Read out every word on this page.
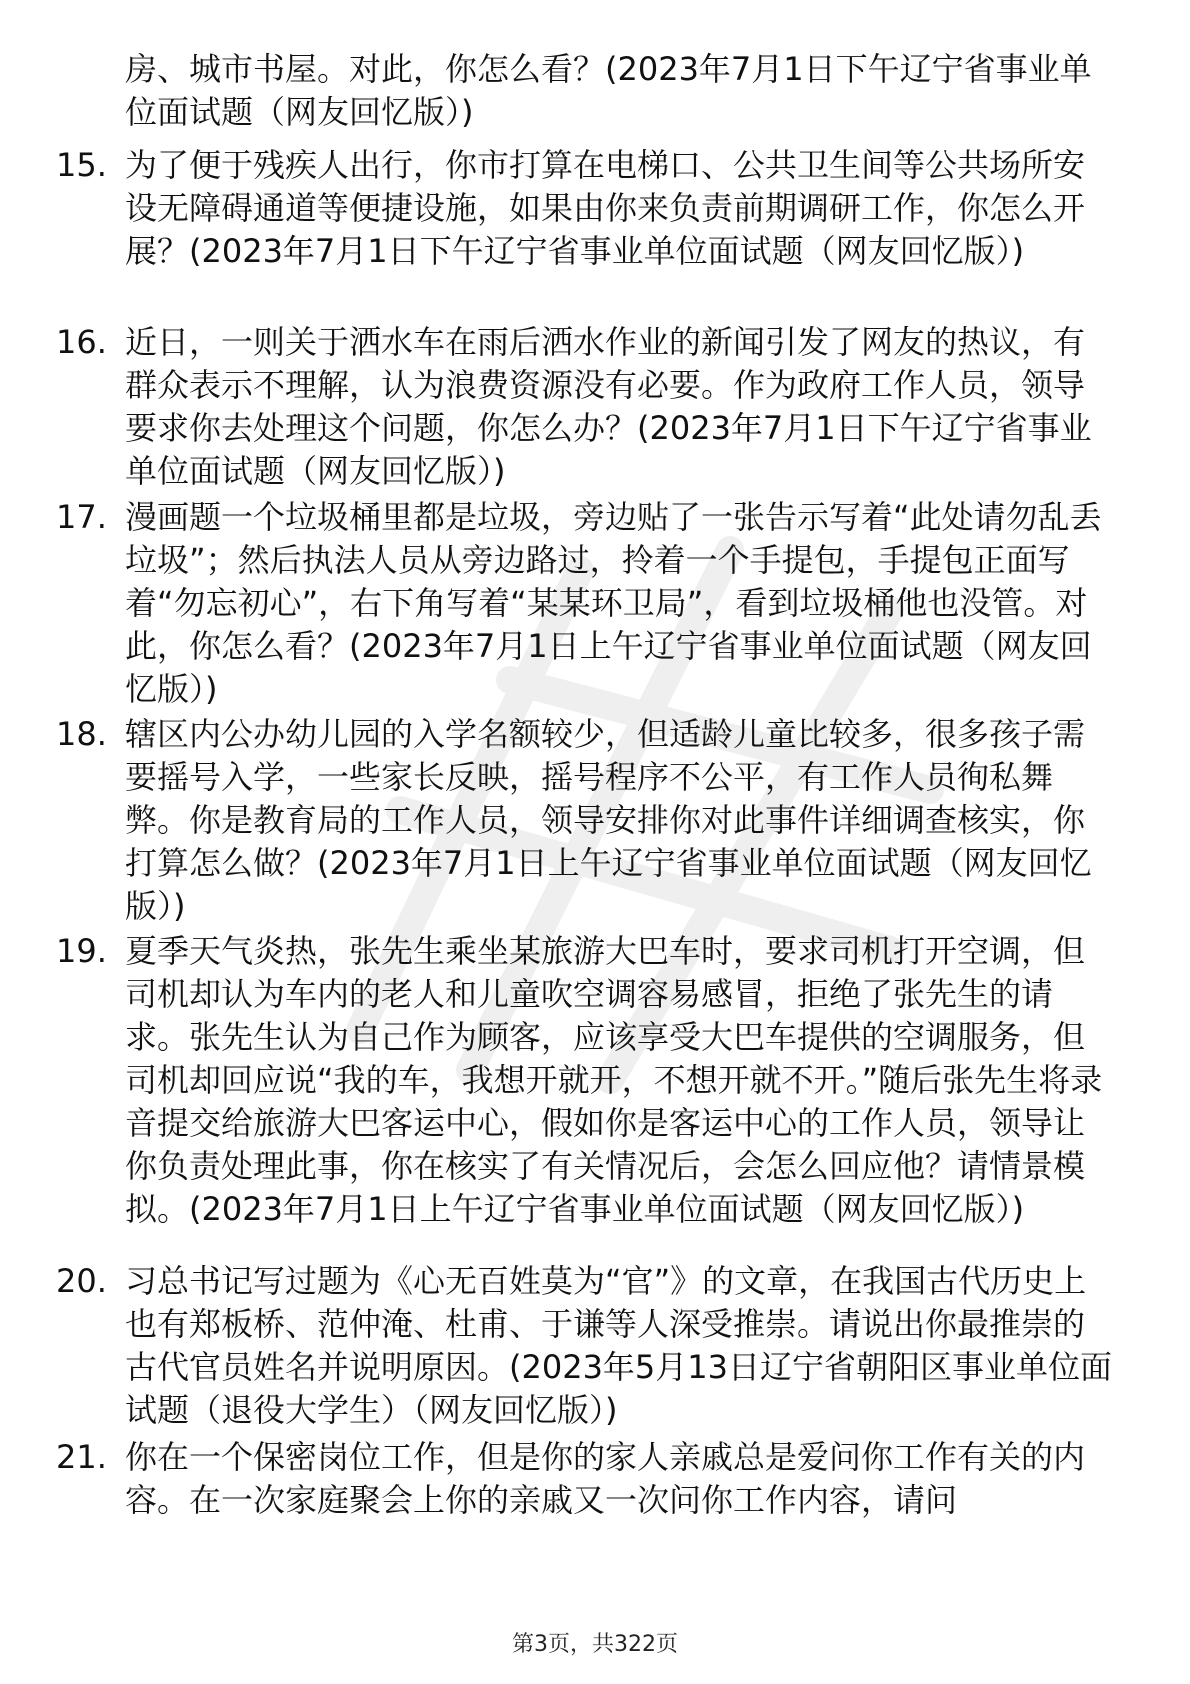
房、城市书屋。对此，你怎么看？(2023年7月1日下午辽宁省事业单位面试题（网友回忆版）)

15. 为了便于残疾人出行，你市打算在电梯口、公共卫生间等公共场所安设无障碍通道等便捷设施，如果由你来负责前期调研工作，你怎么开展？(2023年7月1日下午辽宁省事业单位面试题（网友回忆版）)

16. 近日，一则关于洒水车在雨后洒水作业的新闻引发了网友的热议，有群众表示不理解，认为浪费资源没有必要。作为政府工作人员，领导要求你去处理这个问题，你怎么办？(2023年7月1日下午辽宁省事业单位面试题（网友回忆版）)

17. 漫画题一个垃圾桶里都是垃圾，旁边贴了一张告示写着“此处请勿乱丢垃圾”；然后执法人员从旁边路过，拎着一个手提包，手提包正面写着“勿忘初心”，右下角写着“某某环卫局”，看到垃圾桶他也没管。对此，你怎么看？(2023年7月1日上午辽宁省事业单位面试题（网友回忆版）)

18. 辖区内公办幼儿园的入学名额较少，但适龄儿童比较多，很多孩子需要摇号入学，一些家长反映，摇号程序不公平，有工作人员徇私舞弊。你是教育局的工作人员，领导安排你对此事件详细调查核实，你打算怎么做？(2023年7月1日上午辽宁省事业单位面试题（网友回忆版）)

19. 夏季天气炎热，张先生乘坐某旅游大巴车时，要求司机打开空调，但司机却认为车内的老人和儿童吹空调容易感冒，拒绝了张先生的请求。张先生认为自己作为顾客，应该享受大巴车提供的空调服务，但司机却回应说“我的车，我想开就开，不想开就不开。”随后张先生将录音提交给旅游大巴客运中心，假如你是客运中心的工作人员，领导让你负责处理此事，你在核实了有关情况后，会怎么回应他？请情景模拟。(2023年7月1日上午辽宁省事业单位面试题（网友回忆版）)

20. 习总书记写过题为《心无百姓莫为“官”》的文章，在我国古代历史上也有郑板桥、范仲淹、杜甫、于谦等人深受推崇。请说出你最推崇的古代官员姓名并说明原因。(2023年5月13日辽宁省朝阳区事业单位面试题（退役大学生）（网友回忆版）)

21. 你在一个保密岗位工作，但是你的家人亲戚总是爱问你工作有关的内容。在一次家庭聚会上你的亲戚又一次问你工作内容，请问

第3页，共322页
